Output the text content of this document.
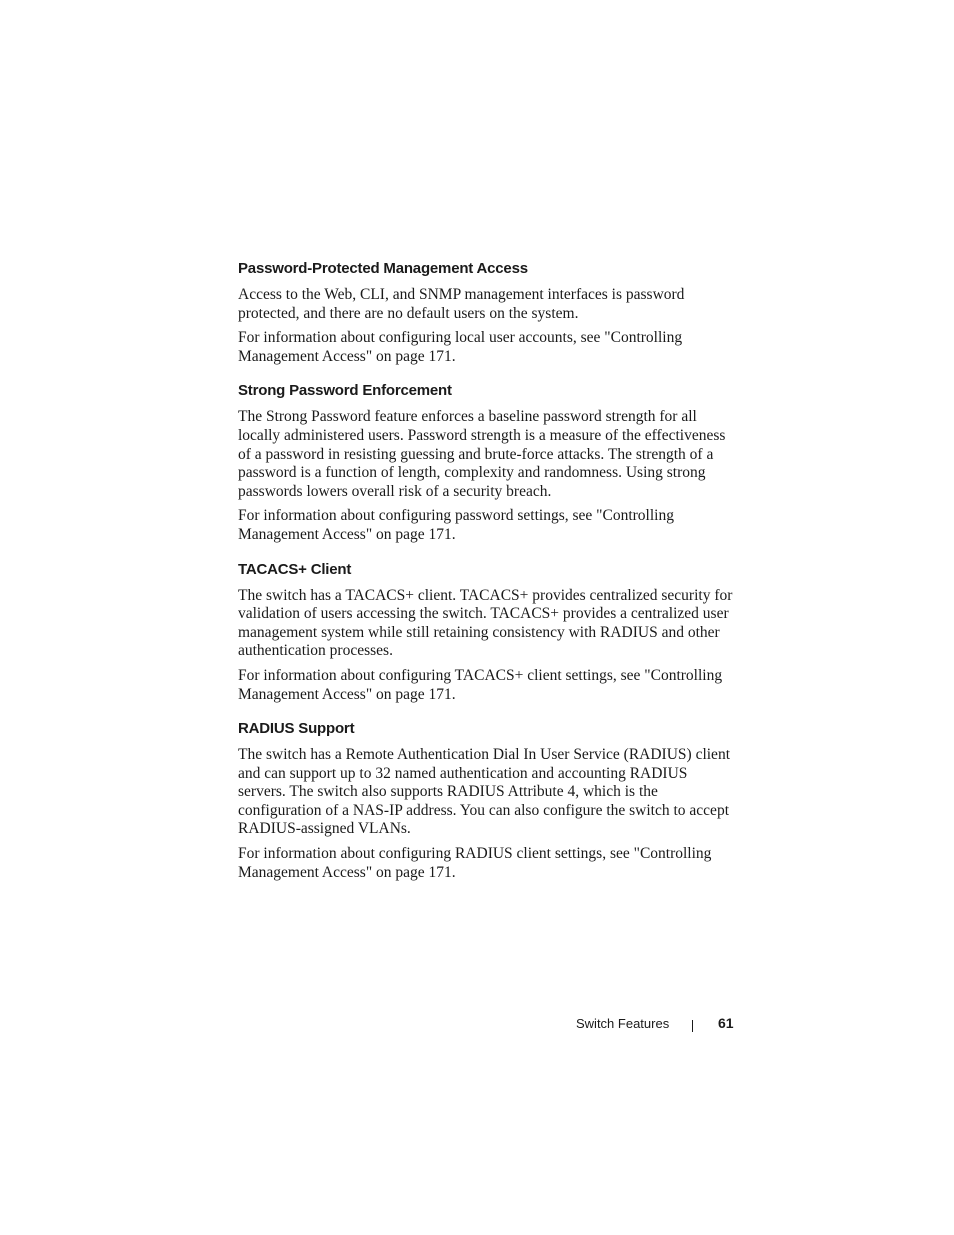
Password-Protected Management Access

Access to the Web, CLI, and SNMP management interfaces is password protected, and there are no default users on the system.

For information about configuring local user accounts, see "Controlling Management Access" on page 171.

Strong Password Enforcement

The Strong Password feature enforces a baseline password strength for all locally administered users. Password strength is a measure of the effectiveness of a password in resisting guessing and brute-force attacks. The strength of a password is a function of length, complexity and randomness. Using strong passwords lowers overall risk of a security breach.

For information about configuring password settings, see "Controlling Management Access" on page 171.

TACACS+ Client

The switch has a TACACS+ client. TACACS+ provides centralized security for validation of users accessing the switch. TACACS+ provides a centralized user management system while still retaining consistency with RADIUS and other authentication processes.

For information about configuring TACACS+ client settings, see "Controlling Management Access" on page 171.

RADIUS Support

The switch has a Remote Authentication Dial In User Service (RADIUS) client and can support up to 32 named authentication and accounting RADIUS servers. The switch also supports RADIUS Attribute 4, which is the configuration of a NAS-IP address. You can also configure the switch to accept RADIUS-assigned VLANs.

For information about configuring RADIUS client settings, see "Controlling Management Access" on page 171.

Switch Features	61
